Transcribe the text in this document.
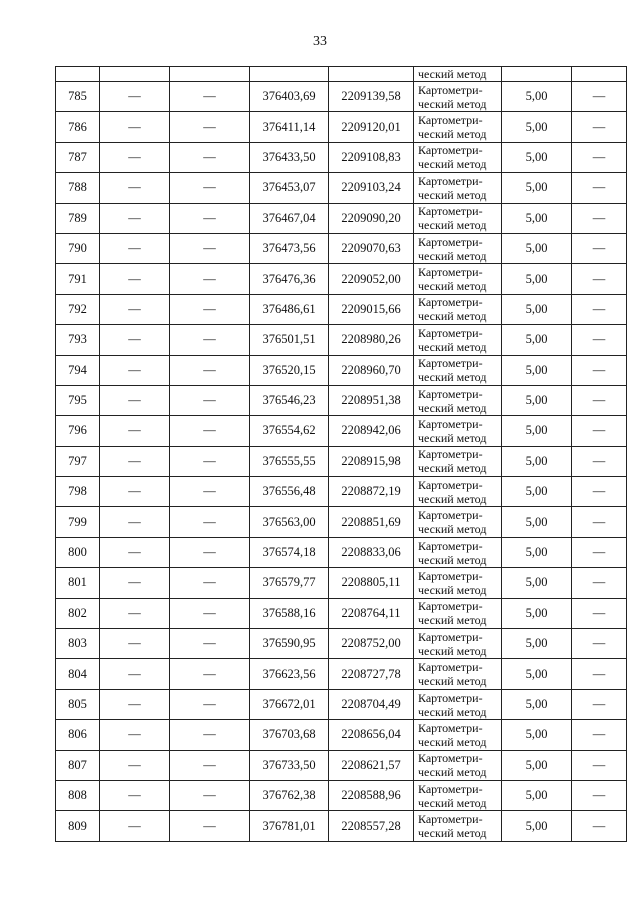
33

					ческий метод		

785	—	—	376403,69	2209139,58	Картометри-
ческий метод	5,00	—
786	—	—	376411,14	2209120,01	Картометри-
ческий метод	5,00	—
787	—	—	376433,50	2209108,83	Картометри-
ческий метод	5,00	—
788	—	—	376453,07	2209103,24	Картометри-
ческий метод	5,00	—
789	—	—	376467,04	2209090,20	Картометри-
ческий метод	5,00	—
790	—	—	376473,56	2209070,63	Картометри-
ческий метод	5,00	—
791	—	—	376476,36	2209052,00	Картометри-
ческий метод	5,00	—
792	—	—	376486,61	2209015,66	Картометри-
ческий метод	5,00	—
793	—	—	376501,51	2208980,26	Картометри-
ческий метод	5,00	—
794	—	—	376520,15	2208960,70	Картометри-
ческий метод	5,00	—
795	—	—	376546,23	2208951,38	Картометри-
ческий метод	5,00	—
796	—	—	376554,62	2208942,06	Картометри-
ческий метод	5,00	—
797	—	—	376555,55	2208915,98	Картометри-
ческий метод	5,00	—
798	—	—	376556,48	2208872,19	Картометри-
ческий метод	5,00	—
799	—	—	376563,00	2208851,69	Картометри-
ческий метод	5,00	—
800	—	—	376574,18	2208833,06	Картометри-
ческий метод	5,00	—
801	—	—	376579,77	2208805,11	Картометри-
ческий метод	5,00	—
802	—	—	376588,16	2208764,11	Картометри-
ческий метод	5,00	—
803	—	—	376590,95	2208752,00	Картометри-
ческий метод	5,00	—
804	—	—	376623,56	2208727,78	Картометри-
ческий метод	5,00	—
805	—	—	376672,01	2208704,49	Картометри-
ческий метод	5,00	—
806	—	—	376703,68	2208656,04	Картометри-
ческий метод	5,00	—
807	—	—	376733,50	2208621,57	Картометри-
ческий метод	5,00	—
808	—	—	376762,38	2208588,96	Картометри-
ческий метод	5,00	—
809	—	—	376781,01	2208557,28	Картометри-
ческий метод	5,00	—
